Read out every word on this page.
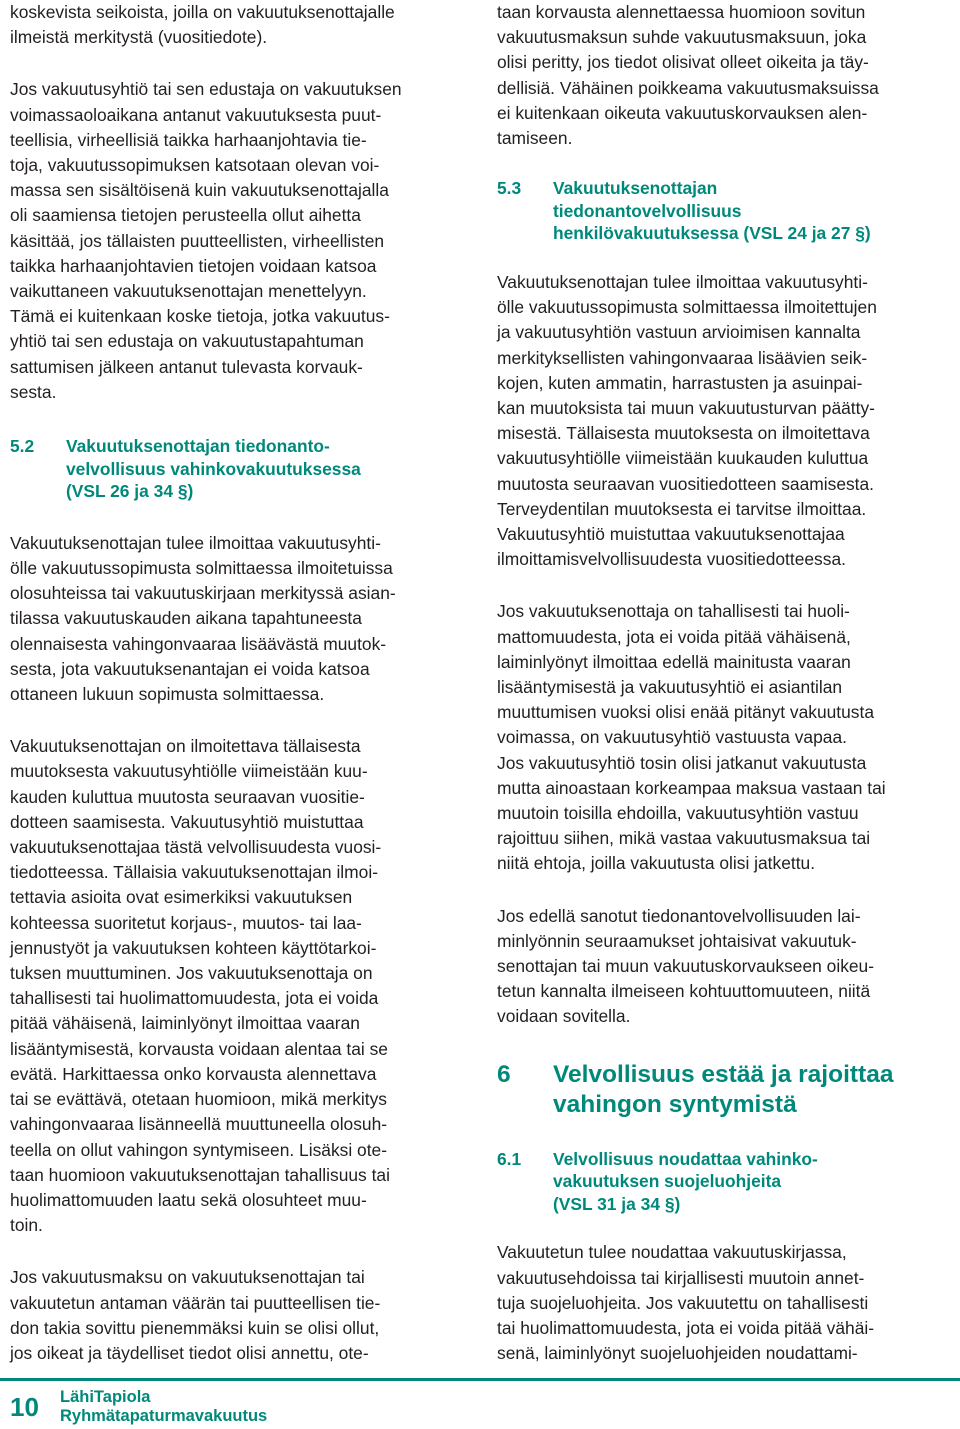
koskevista seikoista, joilla on vakuutuksenottajalle

ilmeistä merkitystä (vuositiedote).

Jos vakuutusyhtiö tai sen edustaja on vakuutuksen

voimassaoloaikana antanut vakuutuksesta puut-

teellisia, virheellisiä taikka harhaanjohtavia tie-

toja, vakuutussopimuksen katsotaan olevan voi-

massa sen sisältöisenä kuin vakuutuksenottajalla

oli saamiensa tietojen perusteella ollut aihetta

käsittää, jos tällaisten puutteellisten, virheellisten

taikka harhaanjohtavien tietojen voidaan katsoa

vaikuttaneen vakuutuksenottajan menettelyyn.

Tämä ei kuitenkaan koske tietoja, jotka vakuutus-

yhtiö tai sen edustaja on vakuutustapahtuman

sattumisen jälkeen antanut tulevasta korvauk-

sesta.

5.2	Vakuutuksenottajan tiedonanto-
velvollisuus vahinkovakuutuksessa
(VSL 26 ja 34 §)

Vakuutuksenottajan tulee ilmoittaa vakuutusyhti-

ölle vakuutussopimusta solmittaessa ilmoitetuissa

olosuhteissa tai vakuutuskirjaan merkityssä asian-

tilassa vakuutuskauden aikana tapahtuneesta

olennaisesta vahingonvaaraa lisäävästä muutok-

sesta, jota vakuutuksenantajan ei voida katsoa

ottaneen lukuun sopimusta solmittaessa.

Vakuutuksenottajan on ilmoitettava tällaisesta

muutoksesta vakuutusyhtiölle viimeistään kuu-

kauden kuluttua muutosta seuraavan vuositie-

dotteen saamisesta. Vakuutusyhtiö muistuttaa

vakuutuksenottajaa tästä velvollisuudesta vuosi-

tiedotteessa. Tällaisia vakuutuksenottajan ilmoi-

tettavia asioita ovat esimerkiksi vakuutuksen

kohteessa suoritetut korjaus-, muutos- tai laa-

jennustyöt ja vakuutuksen kohteen käyttötarkoi-

tuksen muuttuminen. Jos vakuutuksenottaja on

tahallisesti tai huolimattomuudesta, jota ei voida

pitää vähäisenä, laiminlyönyt ilmoittaa vaaran

lisääntymisestä, korvausta voidaan alentaa tai se

evätä. Harkittaessa onko korvausta alennettava

tai se evättävä, otetaan huomioon, mikä merkitys

vahingonvaaraa lisänneellä muuttuneella olosuh-

teella on ollut vahingon syntymiseen. Lisäksi ote-

taan huomioon vakuutuksenottajan tahallisuus tai

huolimattomuuden laatu sekä olosuhteet muu-

toin.

Jos vakuutusmaksu on vakuutuksenottajan tai

vakuutetun antaman väärän tai puutteellisen tie-

don takia sovittu pienemmäksi kuin se olisi ollut,

jos oikeat ja täydelliset tiedot olisi annettu, ote-

taan korvausta alennettaessa huomioon sovitun

vakuutusmaksun suhde vakuutusmaksuun, joka

olisi peritty, jos tiedot olisivat olleet oikeita ja täy-

dellisiä. Vähäinen poikkeama vakuutusmaksuissa

ei kuitenkaan oikeuta vakuutuskorvauksen alen-

tamiseen.

5.3	Vakuutuksenottajan
tiedonantovelvollisuus
henkilövakuutuksessa (VSL 24 ja 27 §)

Vakuutuksenottajan tulee ilmoittaa vakuutusyhti-

ölle vakuutussopimusta solmittaessa ilmoitettujen

ja vakuutusyhtiön vastuun arvioimisen kannalta

merkityksellisten vahingonvaaraa lisäävien seik-

kojen, kuten ammatin, harrastusten ja asuinpai-

kan muutoksista tai muun vakuutusturvan päätty-

misestä. Tällaisesta muutoksesta on ilmoitettava

vakuutusyhtiölle viimeistään kuukauden kuluttua

muutosta seuraavan vuositiedotteen saamisesta.

Terveydentilan muutoksesta ei tarvitse ilmoittaa.

Vakuutusyhtiö muistuttaa vakuutuksenottajaa

ilmoittamisvelvollisuudesta vuositiedotteessa.

Jos vakuutuksenottaja on tahallisesti tai huoli-

mattomuudesta, jota ei voida pitää vähäisenä,

laiminlyönyt ilmoittaa edellä mainitusta vaaran

lisääntymisestä ja vakuutusyhtiö ei asiantilan

muuttumisen vuoksi olisi enää pitänyt vakuutusta

voimassa, on vakuutusyhtiö vastuusta vapaa.

Jos vakuutusyhtiö tosin olisi jatkanut vakuutusta

mutta ainoastaan korkeampaa maksua vastaan tai

muutoin toisilla ehdoilla, vakuutusyhtiön vastuu

rajoittuu siihen, mikä vastaa vakuutusmaksua tai

niitä ehtoja, joilla vakuutusta olisi jatkettu.

Jos edellä sanotut tiedonantovelvollisuuden lai-

minlyönnin seuraamukset johtaisivat vakuutuk-

senottajan tai muun vakuutuskorvaukseen oikeu-

tetun kannalta ilmeiseen kohtuuttomuuteen, niitä

voidaan sovitella.

6	Velvollisuus estää ja rajoittaa
vahingon syntymistä
6.1	Velvollisuus noudattaa vahinko-
vakuutuksen suojeluohjeita
(VSL 31 ja 34 §)

Vakuutetun tulee noudattaa vakuutuskirjassa,

vakuutusehdoissa tai kirjallisesti muutoin annet-

tuja suojeluohjeita. Jos vakuutettu on tahallisesti

tai huolimattomuudesta, jota ei voida pitää vähäi-

senä, laiminlyönyt suojeluohjeiden noudattami-

10 LähiTapiola
Ryhmätapaturmavakuutus
